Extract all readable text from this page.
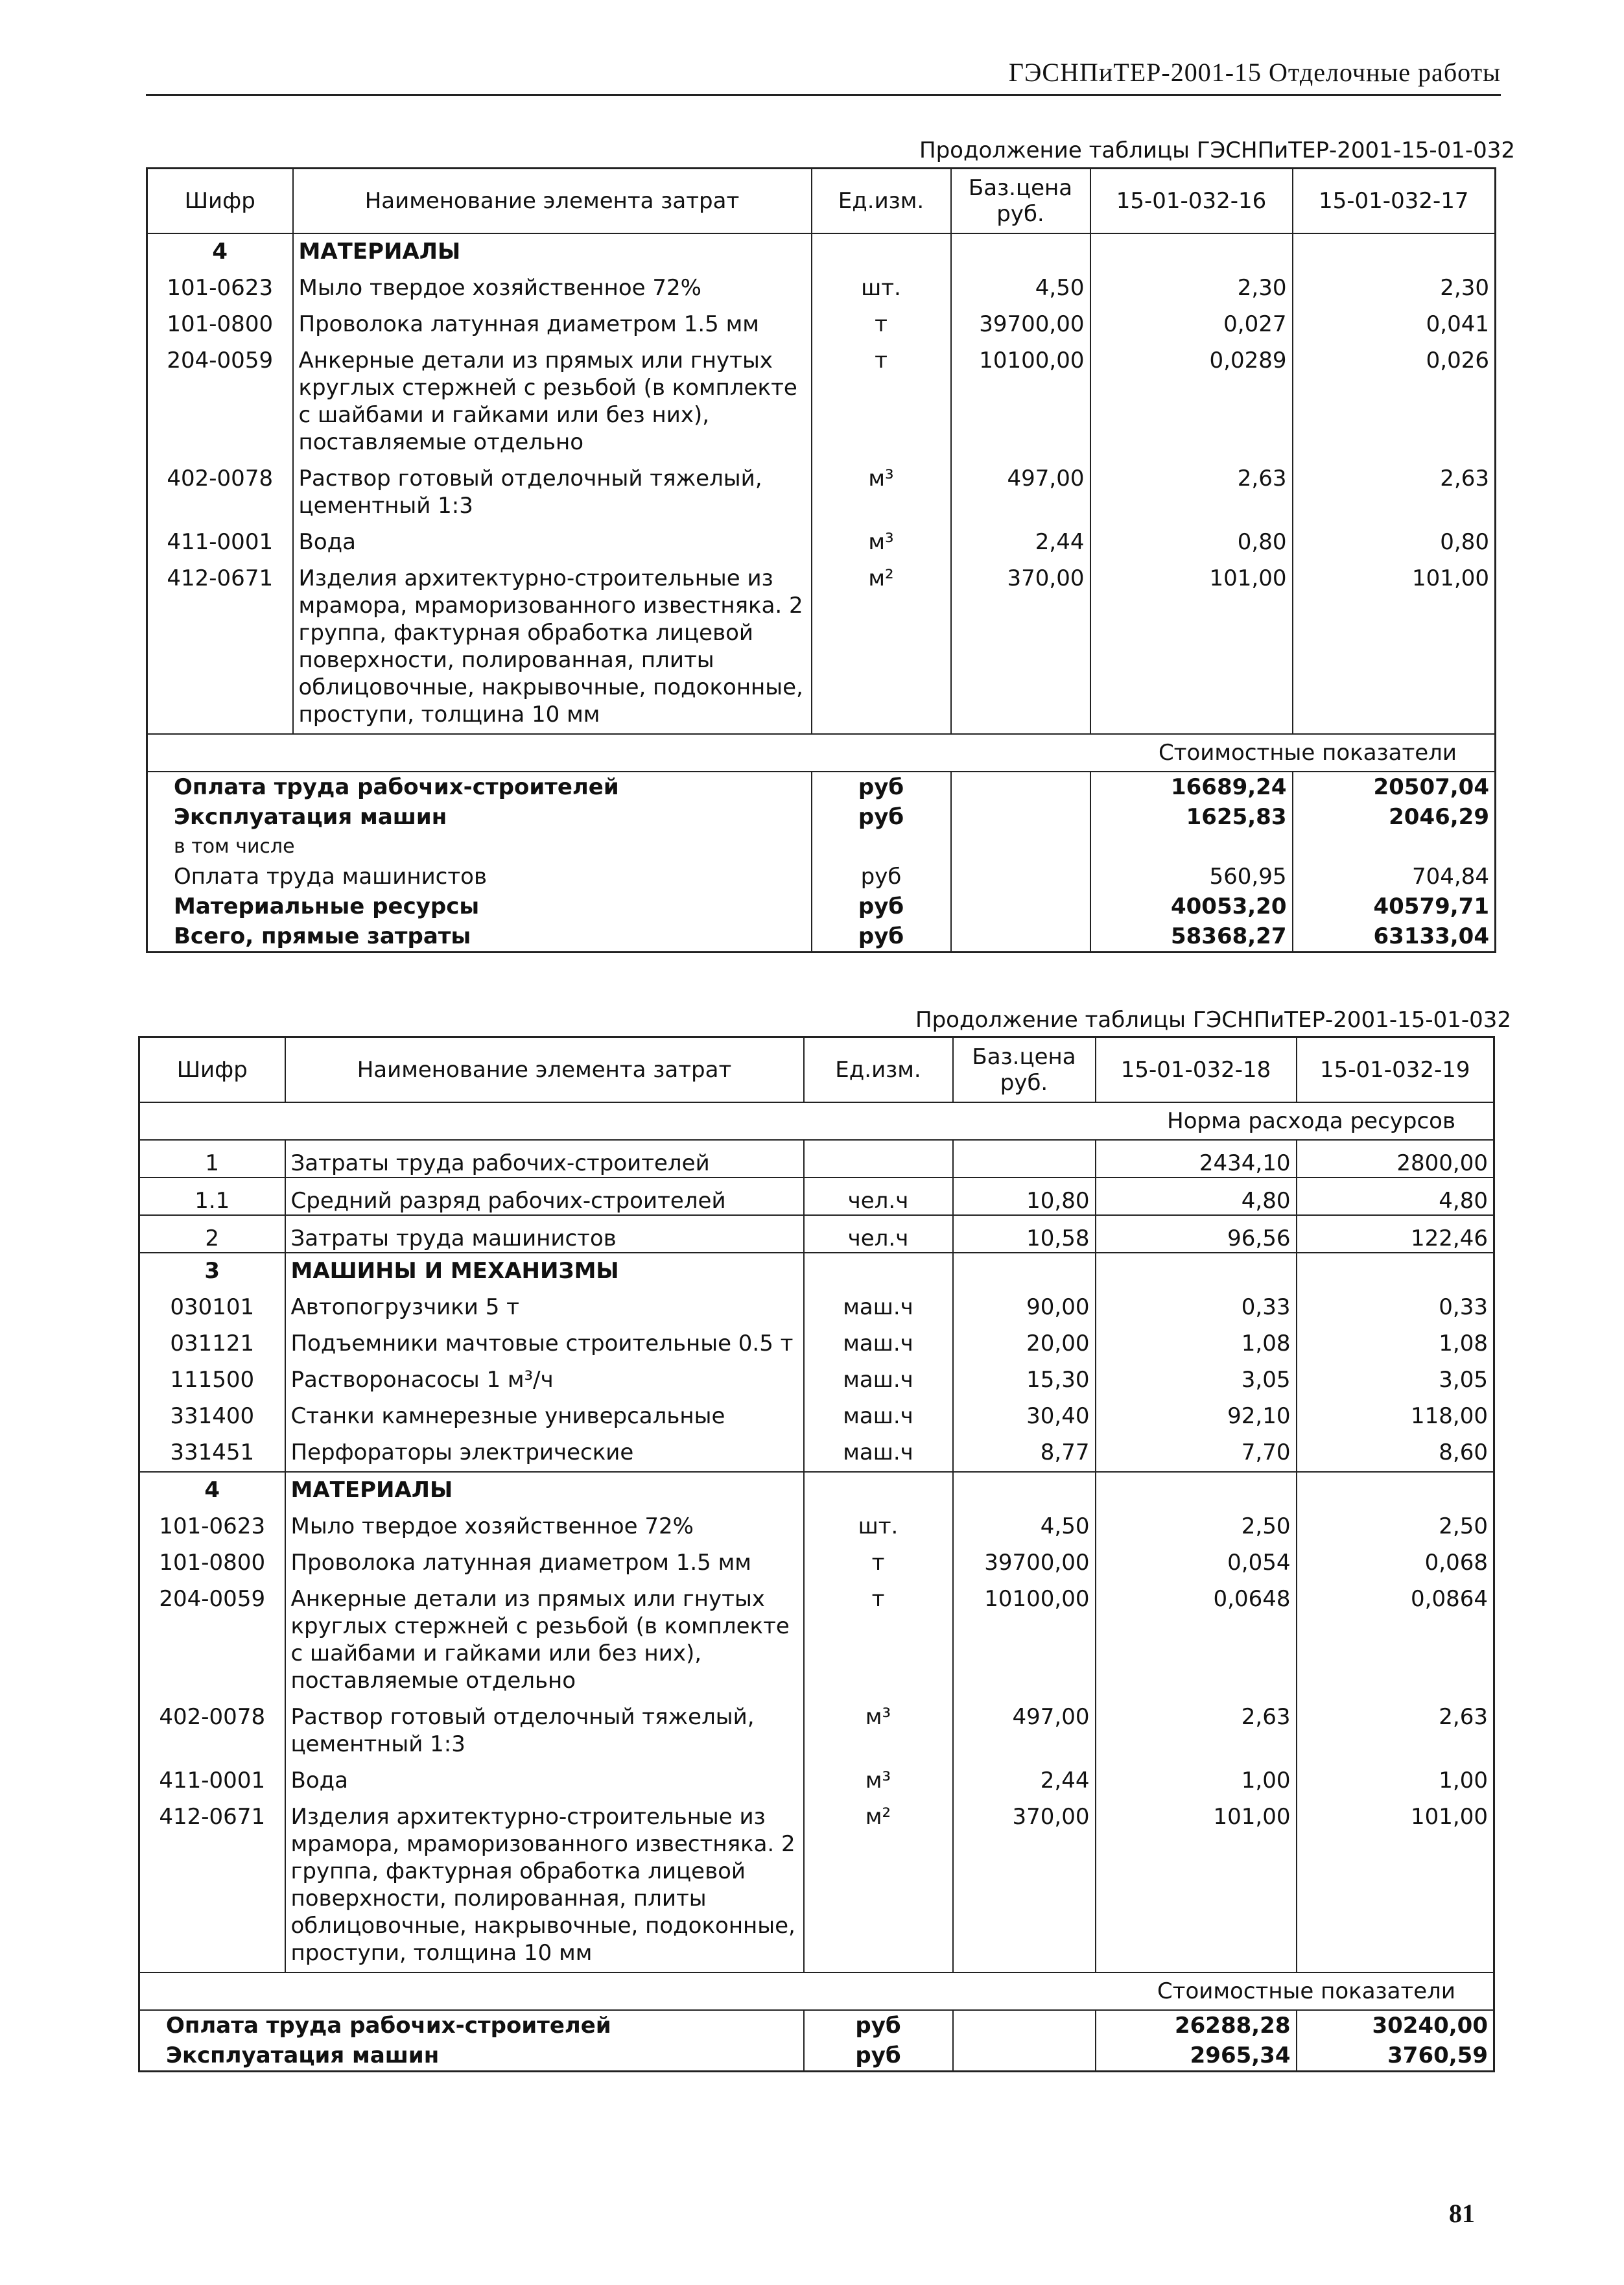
ГЭСНПиТЕР-2001-15 Отделочные работы
Продолжение таблицы ГЭСНПиТЕР-2001-15-01-032
Шифр	Наименование элемента затрат	Ед.изм.	Баз.цена руб.	15-01-032-16	15-01-032-17
4	МАТЕРИАЛЫ				
101-0623	Мыло твердое хозяйственное 72%	шт.	4,50	2,30	2,30
101-0800	Проволока латунная диаметром 1.5 мм	т	39700,00	0,027	0,041
204-0059	Анкерные детали из прямых или гнутых круглых стержней с резьбой (в комплекте с шайбами и гайками или без них), поставляемые отдельно	т	10100,00	0,0289	0,026
402-0078	Раствор готовый отделочный тяжелый, цементный 1:3	м³	497,00	2,63	2,63
411-0001	Вода	м³	2,44	0,80	0,80
412-0671	Изделия архитектурно-строительные из мрамора, мраморизованного известняка. 2 группа, фактурная обработка лицевой поверхности, полированная, плиты облицовочные, накрывочные, подоконные, проступи, толщина 10 мм	м²	370,00	101,00	101,00
Стоимостные показатели					
Оплата труда рабочих-строителей		руб		16689,24	20507,04
Эксплуатация машин		руб		1625,83	2046,29
в том числе					
Оплата труда машинистов		руб		560,95	704,84
Материальные ресурсы		руб		40053,20	40579,71
Всего, прямые затраты		руб		58368,27	63133,04
Продолжение таблицы ГЭСНПиТЕР-2001-15-01-032
Шифр	Наименование элемента затрат	Ед.изм.	Баз.цена руб.	15-01-032-18	15-01-032-19
Норма расхода ресурсов					
1	Затраты труда рабочих-строителей			2434,10	2800,00
1.1	Средний разряд рабочих-строителей	чел.ч	10,80	4,80	4,80
2	Затраты труда машинистов	чел.ч	10,58	96,56	122,46
3	МАШИНЫ И МЕХАНИЗМЫ				
030101	Автопогрузчики 5 т	маш.ч	90,00	0,33	0,33
031121	Подъемники мачтовые строительные 0.5 т	маш.ч	20,00	1,08	1,08
111500	Растворонасосы 1 м³/ч	маш.ч	15,30	3,05	3,05
331400	Станки камнерезные универсальные	маш.ч	30,40	92,10	118,00
331451	Перфораторы электрические	маш.ч	8,77	7,70	8,60
4	МАТЕРИАЛЫ				
101-0623	Мыло твердое хозяйственное 72%	шт.	4,50	2,50	2,50
101-0800	Проволока латунная диаметром 1.5 мм	т	39700,00	0,054	0,068
204-0059	Анкерные детали из прямых или гнутых круглых стержней с резьбой (в комплекте с шайбами и гайками или без них), поставляемые отдельно	т	10100,00	0,0648	0,0864
402-0078	Раствор готовый отделочный тяжелый, цементный 1:3	м³	497,00	2,63	2,63
411-0001	Вода	м³	2,44	1,00	1,00
412-0671	Изделия архитектурно-строительные из мрамора, мраморизованного известняка. 2 группа, фактурная обработка лицевой поверхности, полированная, плиты облицовочные, накрывочные, подоконные, проступи, толщина 10 мм	м²	370,00	101,00	101,00
Стоимостные показатели					
Оплата труда рабочих-строителей		руб		26288,28	30240,00
Эксплуатация машин		руб		2965,34	3760,59
81
